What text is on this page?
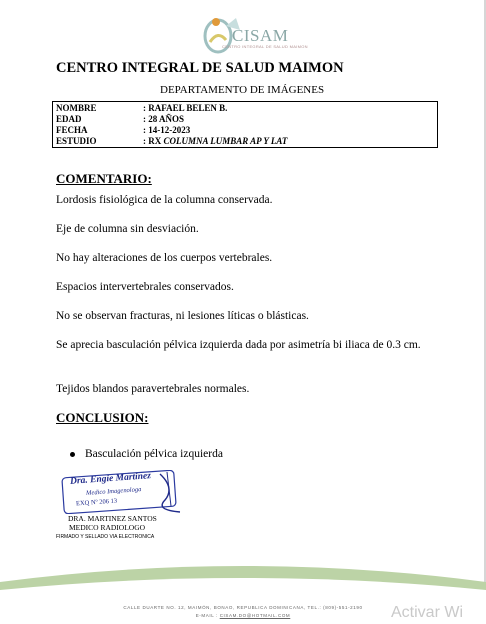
CISAM
CENTRO INTEGRAL DE SALUD MAIMON
CENTRO INTEGRAL DE SALUD MAIMON
DEPARTAMENTO DE IMÁGENES
NOMBRE	: RAFAEL BELEN B.
EDAD	: 28 AÑOS
FECHA	: 14-12-2023
ESTUDIO	: RX COLUMNA LUMBAR AP Y LAT
COMENTARIO:
Lordosis fisiológica de la columna conservada.
Eje de columna sin desviación.
No hay alteraciones de los cuerpos vertebrales.
Espacios intervertebrales conservados.
No se observan fracturas, ni lesiones líticas o blásticas.
Se aprecia basculación pélvica izquierda dada por asimetría bi iliaca de 0.3 cm.
Tejidos blandos paravertebrales normales.
CONCLUSION:
Basculación pélvica izquierda
Dra. Engie Martinez
Medico Imagenologa
EXQ Nº 206 13
DRA. MARTINEZ SANTOS
MEDICO RADIOLOGO
FIRMADO Y SELLADO VIA ELECTRONICA
CALLE DUARTE NO. 12, MAIMÓN, BONAO, REPUBLICA DOMINICANA, TEL.: (809)-551-2190
E-MAIL : CISAM.DO@HOTMAIL.COM	Activar Wi
